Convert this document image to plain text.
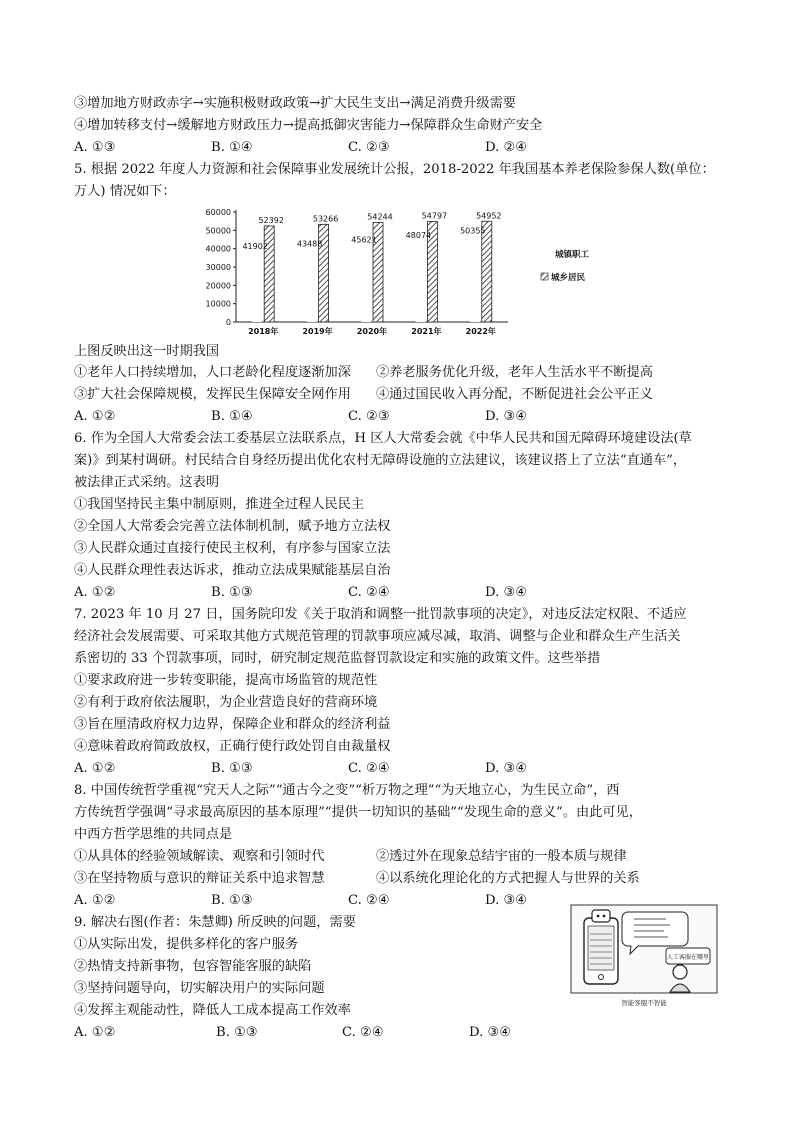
③增加地方财政赤字→实施积极财政政策→扩大民生支出→满足消费升级需要
④增加转移支付→缓解地方财政压力→提高抵御灾害能力→保障群众生命财产安全
A. ①③	B. ①④	C. ②③	D. ②④
5. 根据 2022 年度人力资源和社会保障事业发展统计公报，2018-2022 年我国基本养老保险参保人数(单位：
万人) 情况如下：
0
10000
20000
30000
40000
50000
60000
41902
52392
2018年
43488
53266
2019年
45621
54244
2020年
48074
54797
2021年
50355
54952
2022年
城镇职工
城乡居民
上图反映出这一时期我国
①老年人口持续增加，人口老龄化程度逐渐加深 ②养老服务优化升级，老年人生活水平不断提高
③扩大社会保障规模，发挥民生保障安全网作用 ④通过国民收入再分配，不断促进社会公平正义
A. ①②	B. ①④	C. ②③	D. ③④
6. 作为全国人大常委会法工委基层立法联系点，H 区人大常委会就《中华人民共和国无障碍环境建设法(草
案)》到某村调研。村民结合自身经历提出优化农村无障碍设施的立法建议，该建议搭上了立法“直通车”，
被法律正式采纳。这表明
①我国坚持民主集中制原则，推进全过程人民民主
②全国人大常委会完善立法体制机制，赋予地方立法权
③人民群众通过直接行使民主权利，有序参与国家立法
④人民群众理性表达诉求，推动立法成果赋能基层自治
A. ①②	B. ①③	C. ②④	D. ③④
7. 2023 年 10 月 27 日，国务院印发《关于取消和调整一批罚款事项的决定》，对违反法定权限、不适应
经济社会发展需要、可采取其他方式规范管理的罚款事项应减尽减，取消、调整与企业和群众生产生活关
系密切的 33 个罚款事项，同时，研究制定规范监督罚款设定和实施的政策文件。这些举措
①要求政府进一步转变职能，提高市场监管的规范性
②有利于政府依法履职，为企业营造良好的营商环境
③旨在厘清政府权力边界，保障企业和群众的经济利益
④意味着政府简政放权，正确行使行政处罚自由裁量权
A. ①②	B. ①③	C. ②④	D. ③④
8. 中国传统哲学重视“究天人之际”“通古今之变”“析万物之理”“为天地立心，为生民立命”，西
方传统哲学强调“寻求最高原因的基本原理”“提供一切知识的基础”“发现生命的意义”。由此可见，
中西方哲学思维的共同点是
①从具体的经验领域解读、观察和引领时代	②透过外在现象总结宇宙的一般本质与规律
③在坚持物质与意识的辩证关系中追求智慧	④以系统化理论化的方式把握人与世界的关系
A. ①②	B. ①③	C. ②④	D. ③④
9. 解决右图(作者：朱慧卿) 所反映的问题，需要
①从实际出发，提供多样化的客户服务
②热情支持新事物，包容智能客服的缺陷
③坚持问题导向，切实解决用户的实际问题
④发挥主观能动性，降低人工成本提高工作效率
A. ①②	B. ①③	C. ②④	D. ③④
人工客服在哪里
智能客服不智能
